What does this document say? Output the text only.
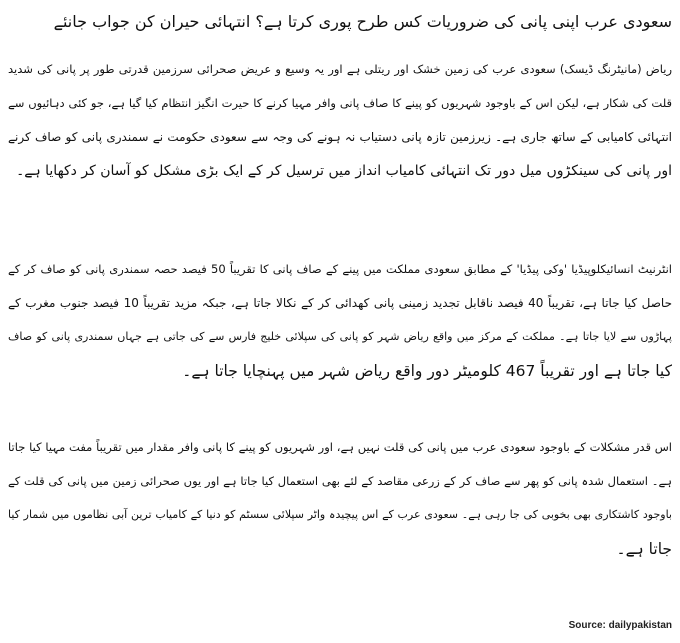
سعودی عرب اپنی پانی کی ضروریات کس طرح پوری کرتا ہے؟ انتہائی حیران کن جواب جانئے
ریاض (مانیٹرنگ ڈیسک) سعودی عرب کی زمین خشک اور ریتلی ہے اور یہ وسیع و عریض صحرائی سرزمین قدرتی طور پر پانی کی شدید
قلت کی شکار ہے، لیکن اس کے باوجود شہریوں کو پینے کا صاف پانی وافر مہیا کرنے کا حیرت انگیز انتظام کیا گیا ہے، جو کئی دہائیوں سے
انتہائی کامیابی کے ساتھ جاری ہے۔ زیرزمین تازہ پانی دستیاب نہ ہونے کی وجہ سے سعودی حکومت نے سمندری پانی کو صاف کرنے
اور پانی کی سینکڑوں میل دور تک انتہائی کامیاب انداز میں ترسیل کر کے ایک بڑی مشکل کو آسان کر دکھایا ہے۔
انٹرنیٹ انسائیکلوپیڈیا 'وکی پیڈیا' کے مطابق سعودی مملکت میں پینے کے صاف پانی کا تقریباً 50 فیصد حصہ سمندری پانی کو صاف کر کے
حاصل کیا جاتا ہے، تقریباً 40 فیصد ناقابل تجدید زمینی پانی کھدائی کر کے نکالا جاتا ہے، جبکہ مزید تقریباً 10 فیصد جنوب مغرب کے
پہاڑوں سے لایا جاتا ہے۔ مملکت کے مرکز میں واقع ریاض شہر کو پانی کی سپلائی خلیج فارس سے کی جاتی ہے جہاں سمندری پانی کو صاف
کیا جاتا ہے اور تقریباً 467 کلومیٹر دور واقع ریاض شہر میں پہنچایا جاتا ہے۔
اس قدر مشکلات کے باوجود سعودی عرب میں پانی کی قلت نہیں ہے، اور شہریوں کو پینے کا پانی وافر مقدار میں تقریباً مفت مہیا کیا جاتا
ہے۔ استعمال شدہ پانی کو پھر سے صاف کر کے زرعی مقاصد کے لئے بھی استعمال کیا جاتا ہے اور یوں صحرائی زمین میں پانی کی قلت کے
باوجود کاشتکاری بھی بخوبی کی جا رہی ہے۔ سعودی عرب کے اس پیچیدہ واٹر سپلائی سسٹم کو دنیا کے کامیاب ترین آبی نظاموں میں شمار کیا
جاتا ہے۔
Source: dailypakistan
